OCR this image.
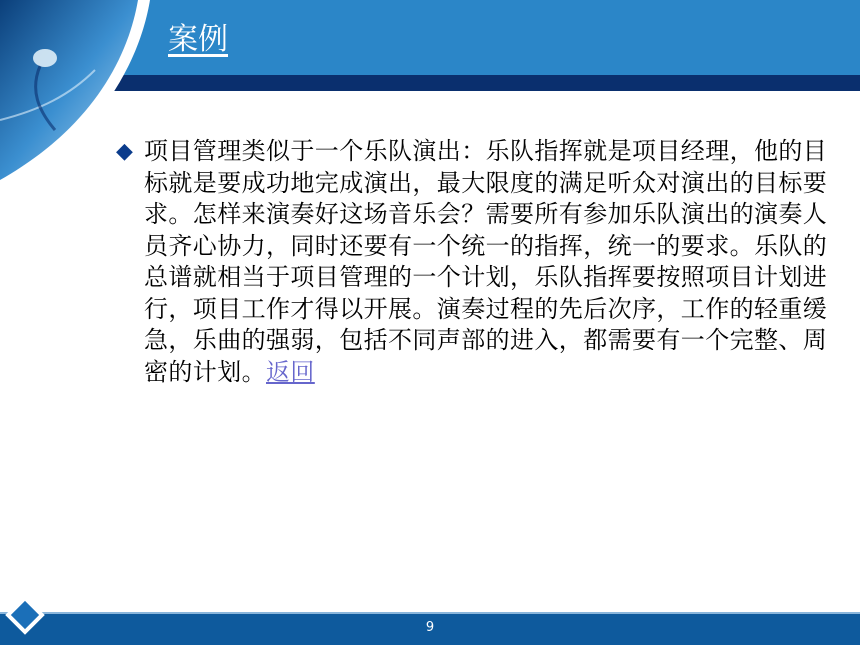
案例
◆ 项目管理类似于一个乐队演出：乐队指挥就是项目经理，他的目标就是要成功地完成演出，最大限度的满足听众对演出的目标要求。怎样来演奏好这场音乐会？需要所有参加乐队演出的演奏人员齐心协力，同时还要有一个统一的指挥，统一的要求。乐队的总谱就相当于项目管理的一个计划，乐队指挥要按照项目计划进行，项目工作才得以开展。演奏过程的先后次序，工作的轻重缓急，乐曲的强弱，包括不同声部的进入，都需要有一个完整、周密的计划。返回
9
